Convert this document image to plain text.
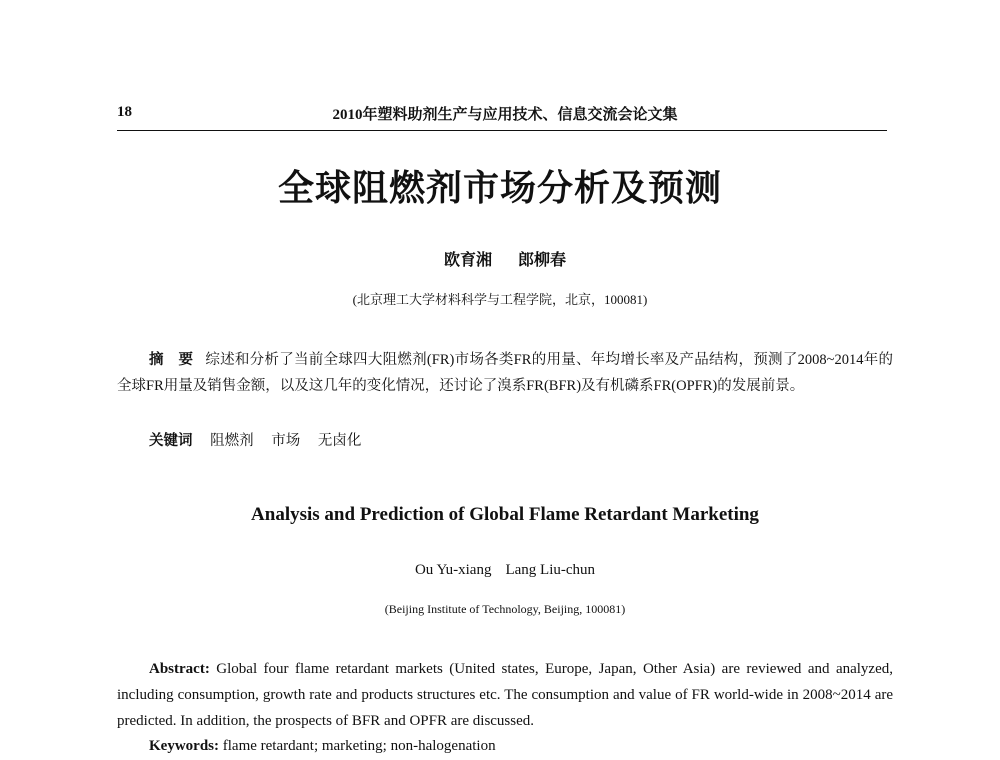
18	2010年塑料助剂生产与应用技术、信息交流会论文集
全球阻燃剂市场分析及预测
欧育湘 郎柳春
(北京理工大学材料科学与工程学院，北京，100081)
摘　要 综述和分析了当前全球四大阻燃剂(FR)市场各类FR的用量、年均增长率及产品结构，预测了2008~2014年的全球FR用量及销售金额，以及这几年的变化情况，还讨论了溴系FR(BFR)及有机磷系FR(OPFR)的发展前景。
关键词 阻燃剂 市场 无卤化
Analysis and Prediction of Global Flame Retardant Marketing
Ou Yu-xiang Lang Liu-chun
(Beijing Institute of Technology, Beijing, 100081)
Abstract: Global four flame retardant markets (United states, Europe, Japan, Other Asia) are reviewed and analyzed, including consumption, growth rate and products structures etc. The consumption and value of FR world-wide in 2008~2014 are predicted. In addition, the prospects of BFR and OPFR are discussed.
Keywords: flame retardant; marketing; non-halogenation
